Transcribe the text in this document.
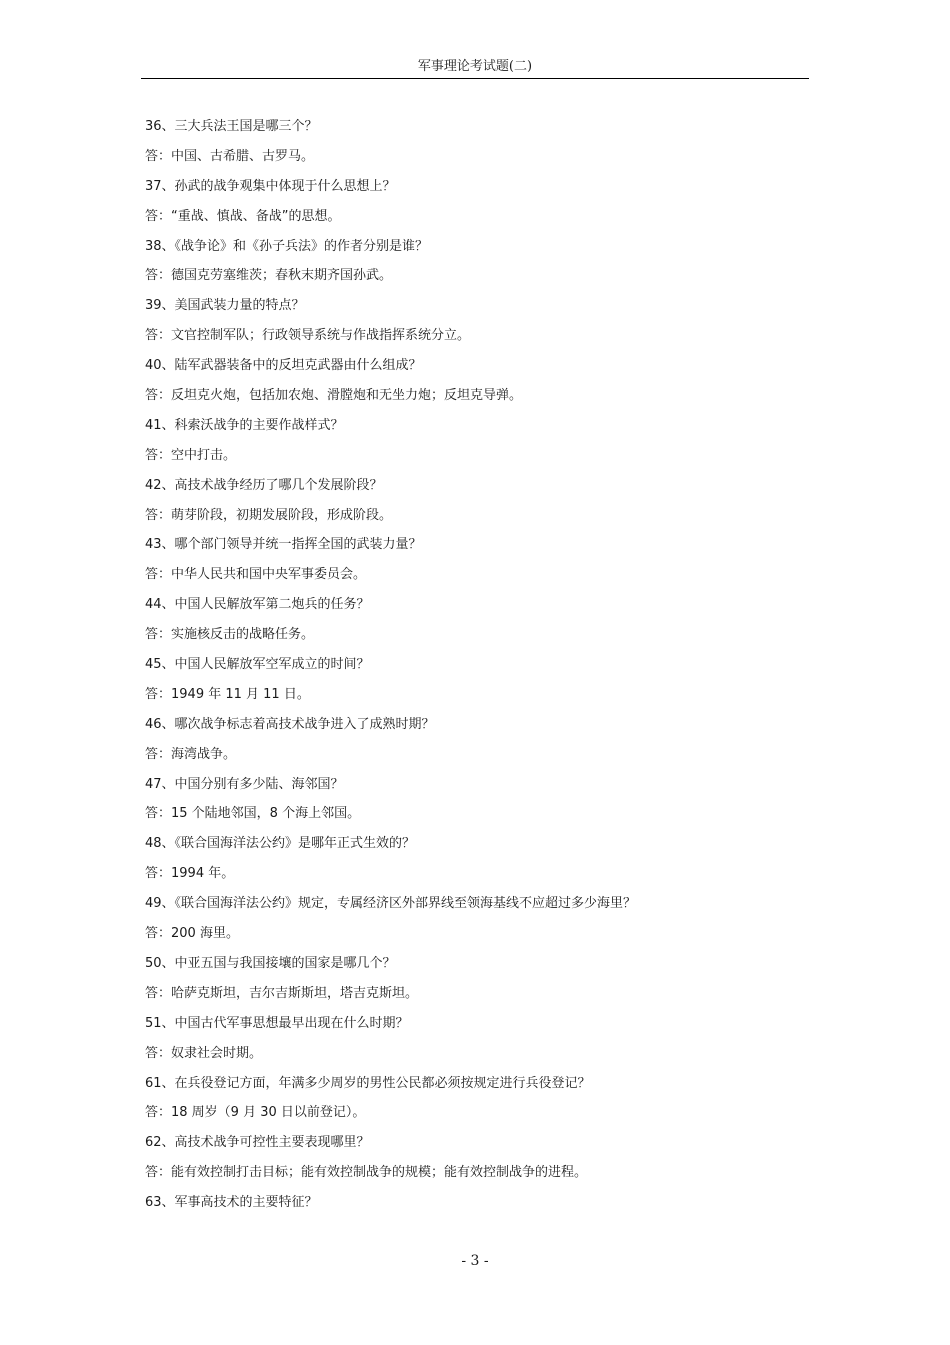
军事理论考试题(二)
36、三大兵法王国是哪三个？
答：中国、古希腊、古罗马。
37、孙武的战争观集中体现于什么思想上？
答：“重战、慎战、备战”的思想。
38、《战争论》和《孙子兵法》的作者分别是谁？
答：德国克劳塞维茨；春秋末期齐国孙武。
39、美国武装力量的特点？
答：文官控制军队；行政领导系统与作战指挥系统分立。
40、陆军武器装备中的反坦克武器由什么组成？
答：反坦克火炮，包括加农炮、滑膛炮和无坐力炮；反坦克导弹。
41、科索沃战争的主要作战样式？
答：空中打击。
42、高技术战争经历了哪几个发展阶段？
答：萌芽阶段，初期发展阶段，形成阶段。
43、哪个部门领导并统一指挥全国的武装力量？
答：中华人民共和国中央军事委员会。
44、中国人民解放军第二炮兵的任务？
答：实施核反击的战略任务。
45、中国人民解放军空军成立的时间？
答：1949 年 11 月 11 日。
46、哪次战争标志着高技术战争进入了成熟时期？
答：海湾战争。
47、中国分别有多少陆、海邻国？
答：15 个陆地邻国，8 个海上邻国。
48、《联合国海洋法公约》是哪年正式生效的？
答：1994 年。
49、《联合国海洋法公约》规定，专属经济区外部界线至领海基线不应超过多少海里？
答：200 海里。
50、中亚五国与我国接壤的国家是哪几个？
答：哈萨克斯坦，吉尔吉斯斯坦，塔吉克斯坦。
51、中国古代军事思想最早出现在什么时期？
答：奴隶社会时期。
61、在兵役登记方面，年满多少周岁的男性公民都必须按规定进行兵役登记？
答：18 周岁（9 月 30 日以前登记）。
62、高技术战争可控性主要表现哪里？
答：能有效控制打击目标；能有效控制战争的规模；能有效控制战争的进程。
63、军事高技术的主要特征？
- 3 -
